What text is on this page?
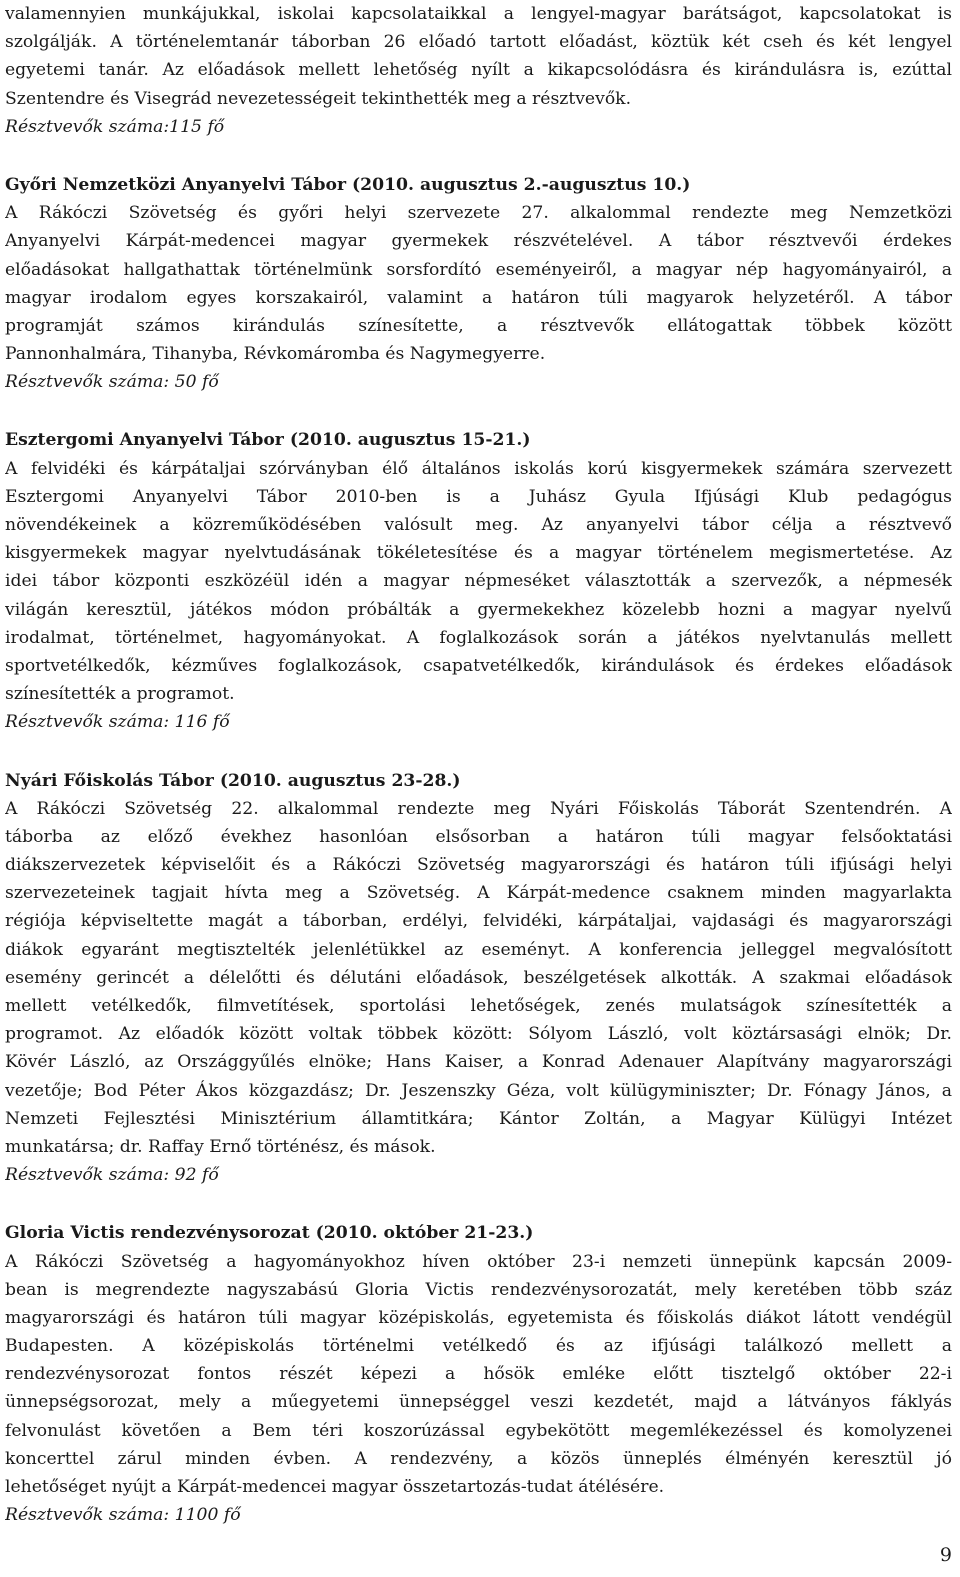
valamennyien munkájukkal, iskolai kapcsolataikkal a lengyel-magyar barátságot, kapcsolatokat is
szolgálják. A történelemtanár táborban 26 előadó tartott előadást, köztük két cseh és két lengyel
egyetemi tanár. Az előadások mellett lehetőség nyílt a kikapcsolódásra és kirándulásra is, ezúttal
Szentendre és Visegrád nevezetességeit tekinthették meg a résztvevők.
Résztvevők száma:115 fő
Győri Nemzetközi Anyanyelvi Tábor (2010. augusztus 2.-augusztus 10.)
A Rákóczi Szövetség és győri helyi szervezete 27. alkalommal rendezte meg Nemzetközi
Anyanyelvi Kárpát-medencei magyar gyermekek részvételével. A tábor résztvevői érdekes
előadásokat hallgathattak történelmünk sorsfordító eseményeiről, a magyar nép hagyományairól, a
magyar irodalom egyes korszakairól, valamint a határon túli magyarok helyzetéről. A tábor
programját számos kirándulás színesítette, a résztvevők ellátogattak többek között
Pannonhalmára, Tihanyba, Révkomáromba és Nagymegyerre.
Résztvevők száma: 50 fő
Esztergomi Anyanyelvi Tábor (2010. augusztus 15-21.)
A felvidéki és kárpátaljai szórványban élő általános iskolás korú kisgyermekek számára szervezett
Esztergomi Anyanyelvi Tábor 2010-ben is a Juhász Gyula Ifjúsági Klub pedagógus
növendékeinek a közreműködésében valósult meg. Az anyanyelvi tábor célja a résztvevő
kisgyermekek magyar nyelvtudásának tökéletesítése és a magyar történelem megismertetése. Az
idei tábor központi eszközéül idén a magyar népmeséket választották a szervezők, a népmesék
világán keresztül, játékos módon próbálták a gyermekekhez közelebb hozni a magyar nyelvű
irodalmat, történelmet, hagyományokat. A foglalkozások során a játékos nyelvtanulás mellett
sportvetélkedők, kézműves foglalkozások, csapatvetélkedők, kirándulások és érdekes előadások
színesítették a programot.
Résztvevők száma: 116 fő
Nyári Főiskolás Tábor (2010. augusztus 23-28.)
A Rákóczi Szövetség 22. alkalommal rendezte meg Nyári Főiskolás Táborát Szentendrén. A
táborba az előző évekhez hasonlóan elsősorban a határon túli magyar felsőoktatási
diákszervezetek képviselőit és a Rákóczi Szövetség magyarországi és határon túli ifjúsági helyi
szervezeteinek tagjait hívta meg a Szövetség. A Kárpát-medence csaknem minden magyarlakta
régiója képviseltette magát a táborban, erdélyi, felvidéki, kárpátaljai, vajdasági és magyarországi
diákok egyaránt megtisztelték jelenlétükkel az eseményt. A konferencia jelleggel megvalósított
esemény gerincét a délelőtti és délutáni előadások, beszélgetések alkották. A szakmai előadások
mellett vetélkedők, filmvetítések, sportolási lehetőségek, zenés mulatságok színesítették a
programot. Az előadók között voltak többek között: Sólyom László, volt köztársasági elnök; Dr.
Kövér László, az Országgyűlés elnöke; Hans Kaiser, a Konrad Adenauer Alapítvány magyarországi
vezetője; Bod Péter Ákos közgazdász; Dr. Jeszenszky Géza, volt külügyminiszter; Dr. Fónagy János, a
Nemzeti Fejlesztési Minisztérium államtitkára; Kántor Zoltán, a Magyar Külügyi Intézet
munkatársa; dr. Raffay Ernő történész, és mások.
Résztvevők száma: 92 fő
Gloria Victis rendezvénysorozat (2010. október 21-23.)
A Rákóczi Szövetség a hagyományokhoz híven október 23-i nemzeti ünnepünk kapcsán 2009-
bean is megrendezte nagyszabású Gloria Victis rendezvénysorozatát, mely keretében több száz
magyarországi és határon túli magyar középiskolás, egyetemista és főiskolás diákot látott vendégül
Budapesten. A középiskolás történelmi vetélkedő és az ifjúsági találkozó mellett a
rendezvénysorozat fontos részét képezi a hősök emléke előtt tisztelgő október 22-i
ünnepségsorozat, mely a műegyetemi ünnepséggel veszi kezdetét, majd a látványos fáklyás
felvonulást követően a Bem téri koszorúzással egybekötött megemlékezéssel és komolyzenei
koncerttel zárul minden évben. A rendezvény, a közös ünneplés élményén keresztül jó
lehetőséget nyújt a Kárpát-medencei magyar összetartozás-tudat átélésére.
Résztvevők száma: 1100 fő
9
